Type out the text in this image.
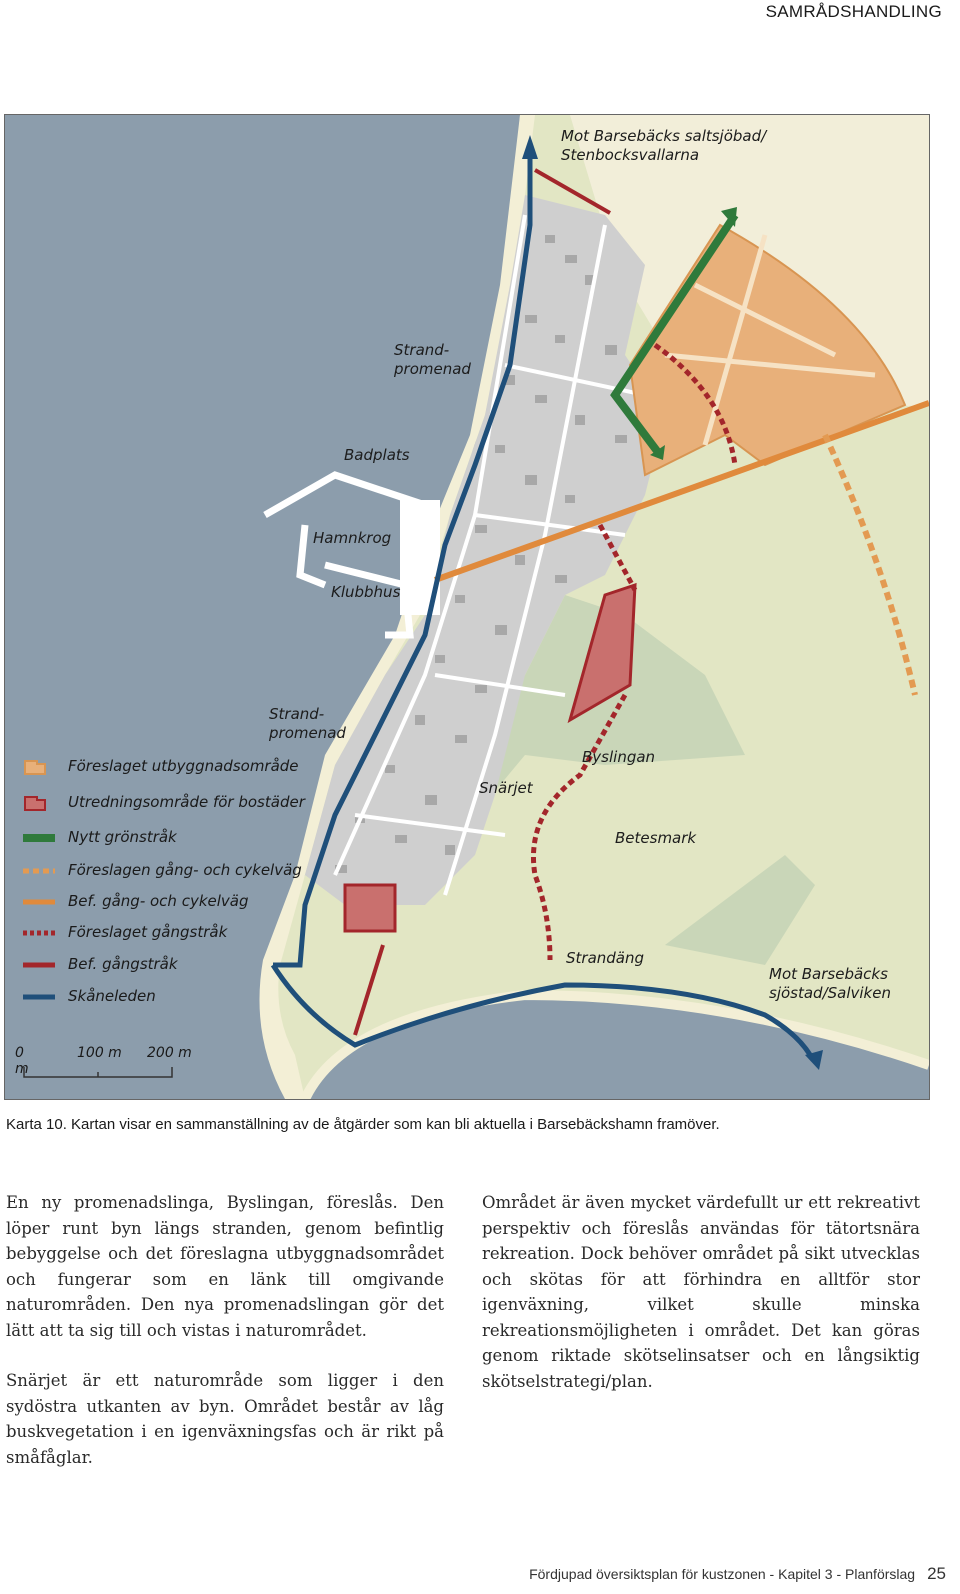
SAMRÅDSHANDLING
Mot Barsebäcks saltsjöbad/
Stenbocksvallarna
Strand-
promenad
Badplats
Hamnkrog
Klubbhus
Strand-
promenad
Snärjet
Byslingan
Betesmark
Strandäng
Mot Barsebäcks
sjöstad/Salviken
Föreslaget utbyggnadsområde
Utredningsområde för bostäder
Nytt grönstråk
Föreslagen gång- och cykelväg
Bef. gång- och cykelväg
Föreslaget gångstråk
Bef. gångstråk
Skåneleden
0 m
100 m 200 m
Karta 10. Kartan visar en sammanställning av de åtgärder som kan bli aktuella i Barsebäckshamn framöver.

En ny promenadslinga, Byslingan, föreslås. Den löper runt byn längs stranden, genom befintlig bebyggelse och det föreslagna utbyggnadsområdet och fungerar som en länk till omgivande naturområden. Den nya promenadslingan gör det lätt att ta sig till och vistas i naturområdet.

Snärjet är ett naturområde som ligger i den sydöstra utkanten av byn. Området består av låg buskvegetation i en igenväxningsfas och är rikt på småfåglar.

Området är även mycket värdefullt ur ett rekreativt perspektiv och föreslås användas för tätortsnära rekreation. Dock behöver området på sikt utvecklas och skötas för att förhindra en alltför stor igenväxning, vilket skulle minska rekreationsmöjligheten i området. Det kan göras genom riktade skötselinsatser och en långsiktig skötselstrategi/plan.

Fördjupad översiktsplan för kustzonen - Kapitel 3 - Planförslag 25
